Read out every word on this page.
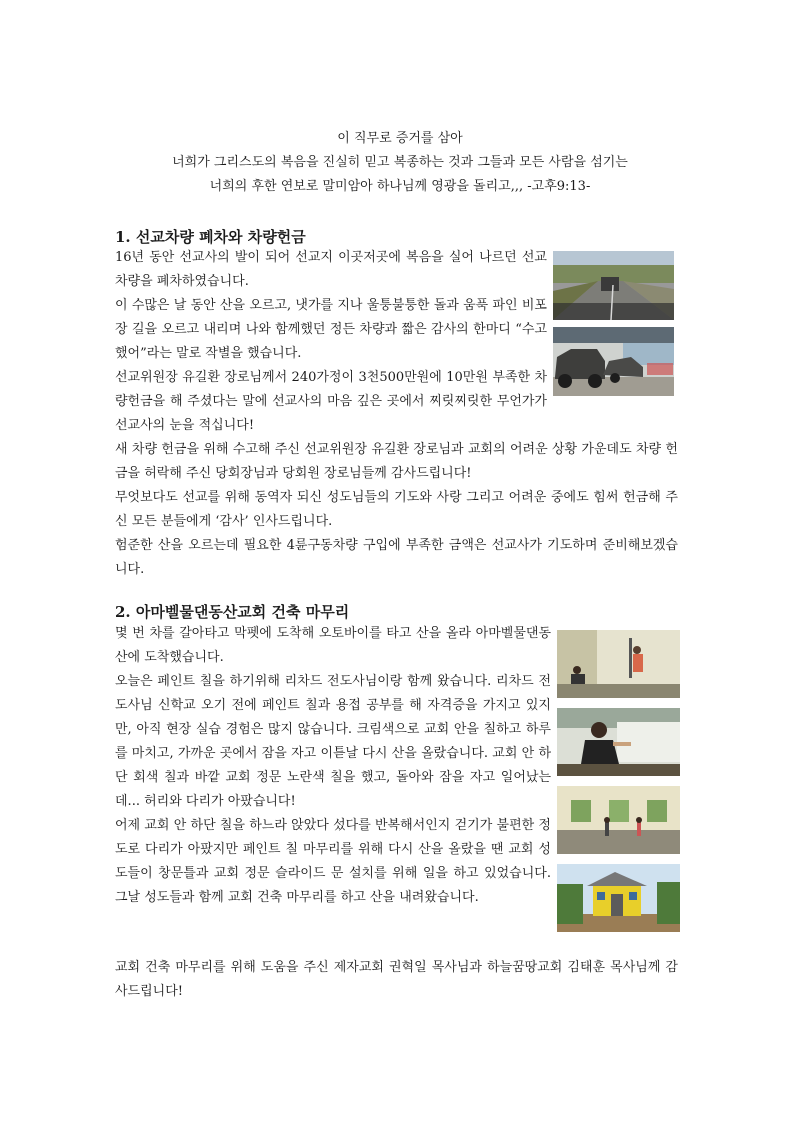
이 직무로 증거를 삼아

너희가 그리스도의 복음을 진실히 믿고 복종하는 것과 그들과 모든 사람을 섬기는

너희의 후한 연보로 말미암아 하나님께 영광을 돌리고,,, -고후9:13-

1. 선교차량 폐차와 차량헌금

16년 동안 선교사의 발이 되어 선교지 이곳저곳에 복음을 실어 나르던 선교차량을 폐차하였습니다.

이 수많은 날 동안 산을 오르고, 냇가를 지나 울퉁불퉁한 돌과 움푹 파인 비포장 길을 오르고 내리며 나와 함께했던 정든 차량과 짧은 감사의 한마디 “수고 했어”라는 말로 작별을 했습니다.

선교위원장 유길환 장로님께서 240가정이 3천500만원에 10만원 부족한 차량헌금을 해 주셨다는 말에 선교사의 마음 깊은 곳에서 찌릿찌릿한 무언가가 선교사의 눈을 적십니다!

새 차량 헌금을 위해 수고해 주신 선교위원장 유길환 장로님과 교회의 어려운 상황 가운데도 차량 헌금을 허락해 주신 당회장님과 당회원 장로님들께 감사드립니다!

무엇보다도 선교를 위해 동역자 되신 성도님들의 기도와 사랑 그리고 어려운 중에도 힘써 헌금해 주신 모든 분들에게 ‘감사’ 인사드립니다.

험준한 산을 오르는데 필요한 4륜구동차량 구입에 부족한 금액은 선교사가 기도하며 준비해보겠습니다.

2. 아마벨물댄동산교회 건축 마무리

몇 번 차를 갈아타고 막펫에 도착해 오토바이를 타고 산을 올라 아마벨물댄동산에 도착했습니다.

오늘은 페인트 칠을 하기위해 리차드 전도사님이랑 함께 왔습니다. 리차드 전도사님 신학교 오기 전에 페인트 칠과 용접 공부를 해 자격증을 가지고 있지만, 아직 현장 실습 경험은 많지 않습니다. 크림색으로 교회 안을 칠하고 하루를 마치고, 가까운 곳에서 잠을 자고 이튿날 다시 산을 올랐습니다. 교회 안 하단 회색 칠과 바깥 교회 정문 노란색 칠을 했고, 돌아와 잠을 자고 일어났는데... 허리와 다리가 아팠습니다!

어제 교회 안 하단 칠을 하느라 앉았다 섰다를 반복해서인지 걷기가 불편한 정도로 다리가 아팠지만 페인트 칠 마무리를 위해 다시 산을 올랐을 땐 교회 성도들이 창문틀과 교회 정문 슬라이드 문 설치를 위해 일을 하고 있었습니다. 그날 성도들과 함께 교회 건축 마무리를 하고 산을 내려왔습니다.

교회 건축 마무리를 위해 도움을 주신 제자교회 권혁일 목사님과 하늘꿈땅교회 김태훈 목사님께 감사드립니다!
